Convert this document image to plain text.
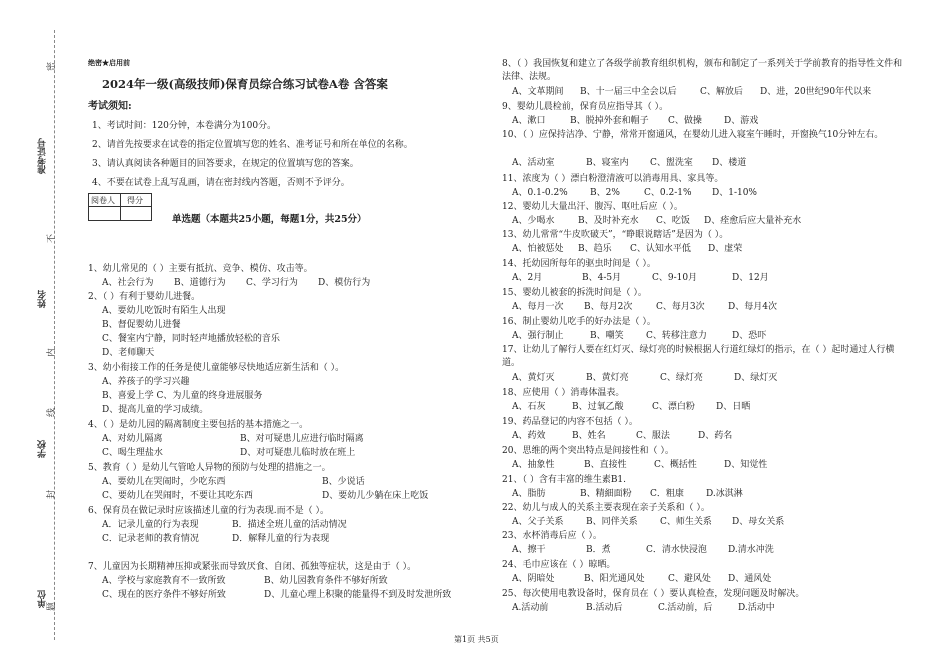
准考证号
姓名
学校
单位
密
不
内
线
封
题
绝密★启用前
2024年一级(高级技师)保育员综合练习试卷A卷 含答案
考试须知:
1、考试时间：120分钟，本卷满分为100分。
2、请首先按要求在试卷的指定位置填写您的姓名、准考证号和所在单位的名称。
3、请认真阅读各种题目的回答要求，在规定的位置填写您的答案。
4、不要在试卷上乱写乱画，请在密封线内答题，否则不予评分。
阅卷人 得分
单选题（本题共25小题，每题1分，共25分）
1、幼儿常见的（ ）主要有抵抗、竞争、模仿、攻击等。
A、社会行为 B、道德行为 C、学习行为 D、模仿行为
2、（ ）有利于婴幼儿进餐。
A、要幼儿吃饭时有陌生人出现
B、督促婴幼儿进餐
C、餐室内宁静，同时轻声地播放轻松的音乐
D、老师聊天
3、幼小衔接工作的任务是使儿童能够尽快地适应新生活和（ ）。
A、养孩子的学习兴趣
B、喜爱上学 C、为儿童的终身进展服务
D、提高儿童的学习成绩。
4、（ ）是幼儿园的隔离制度主要包括的基本措施之一。
A、对幼儿隔离	B、对可疑患儿应进行临时隔离
C、喝生理盐水	D、对可疑患儿临时放在班上
5、教育（ ）是幼儿气管呛人异物的预防与处理的措施之一。
A、要幼儿在哭闹时，少吃东西	B、少说话
C、要幼儿在哭闹时，不要让其吃东西	D、要幼儿少躺在床上吃饭
6、保育员在做记录时应该描述儿童的行为表现.而不是（ ）。
A．记录儿童的行为表现	B．描述全班儿童的活动情况
C．记录老师的教育情况	D．解释儿童的行为表现
7、儿童因为长期精神压抑或紧张而导致厌食、自闭、孤独等症状，这是由于（ ）。
A、学校与家庭教育不一致所致	B、幼儿园教育条件不够好所致
C、现在的医疗条件不够好所致	D、儿童心理上积聚的能量得不到及时发泄所致
8、（ ）我国恢复和建立了各级学前教育组织机构，颁布和制定了一系列关于学前教育的指导性文件和法律、法规。
A、文革期间 B、十一届三中全会以后	C、解放后 D、进，20世纪90年代以来
9、婴幼儿晨检前，保育员应指导其（ ）。
A、漱口	B、脱掉外套和帽子 C、做操 D、游戏
10、（ ）应保持洁净、宁静，常常开窗通风，在婴幼儿进入寝室午睡时，开窗换气10分钟左右。
A、活动室	B、寝室内 C、盥洗室 D、楼道
11、浓度为（ ）漂白粉澄清液可以消毒用具、家具等。
A、0.1-0.2% B、2%	C、0.2-1% D、1-10%
12、婴幼儿大量出汗、腹泻、呕吐后应（ ）。
A、少喝水	B、及时补充水 C、吃饭 D、痊愈后应大量补充水
13、幼儿常常“牛皮吹破天”，“睁眼说瞎话”是因为（ ）。
A、怕被惩处 B、趋乐 C、认知水平低 D、虚荣
14、托幼园所每年的驱虫时间是（ ）。
A、2月	B、4-5月	C、9-10月	D、12月
15、婴幼儿被套的拆洗时间是（ ）。
A、每月一次 B、每月2次	C、每月3次	D、每月4次
16、制止婴幼儿吃手的好办法是（ ）。
A、强行制止	B、嘲笑 C、转移注意力	D、恐吓
17、让幼儿了解行人要在红灯灭、绿灯亮的时候根据人行道红绿灯的指示，在（ ）起时通过人行横道。
A、黄灯灭	B、黄灯亮	C、绿灯亮	D、绿灯灭
18、应使用（ ）消毒体温表。
A、石灰	B、过氧乙酸	C、漂白粉 D、日晒
19、药品登记的内容不包括（ ）。
A、药效	B、姓名	C、服法	D、药名
20、思维的两个突出特点是间接性和（ ）。
A、抽象性	B、直接性	C、概括性	D、知觉性
21、（ ）含有丰富的维生素B1.
A、脂肪	B、精細面粉 C．粗康 D.冰淇淋
22、幼儿与成人的关系主要表现在亲子关系和（ ）。
A、父子关系	B、同伴关系 C、师生关系 D、母女关系
23、水杯消毒后应（ ）。
A、擦干	B．煮	C．清水快浸泡 D.清水冲洗
24、毛巾应该在（ ）晾晒。
A、阴暗处	B、阳光通风处	C、避风处 D、通风处
25、每次使用电教设备时，保育员在（ ）要认真检查，发现问题及时解决。
A.活动前	B.活动后	C.活动前，后	D.活动中
第1页 共5页
